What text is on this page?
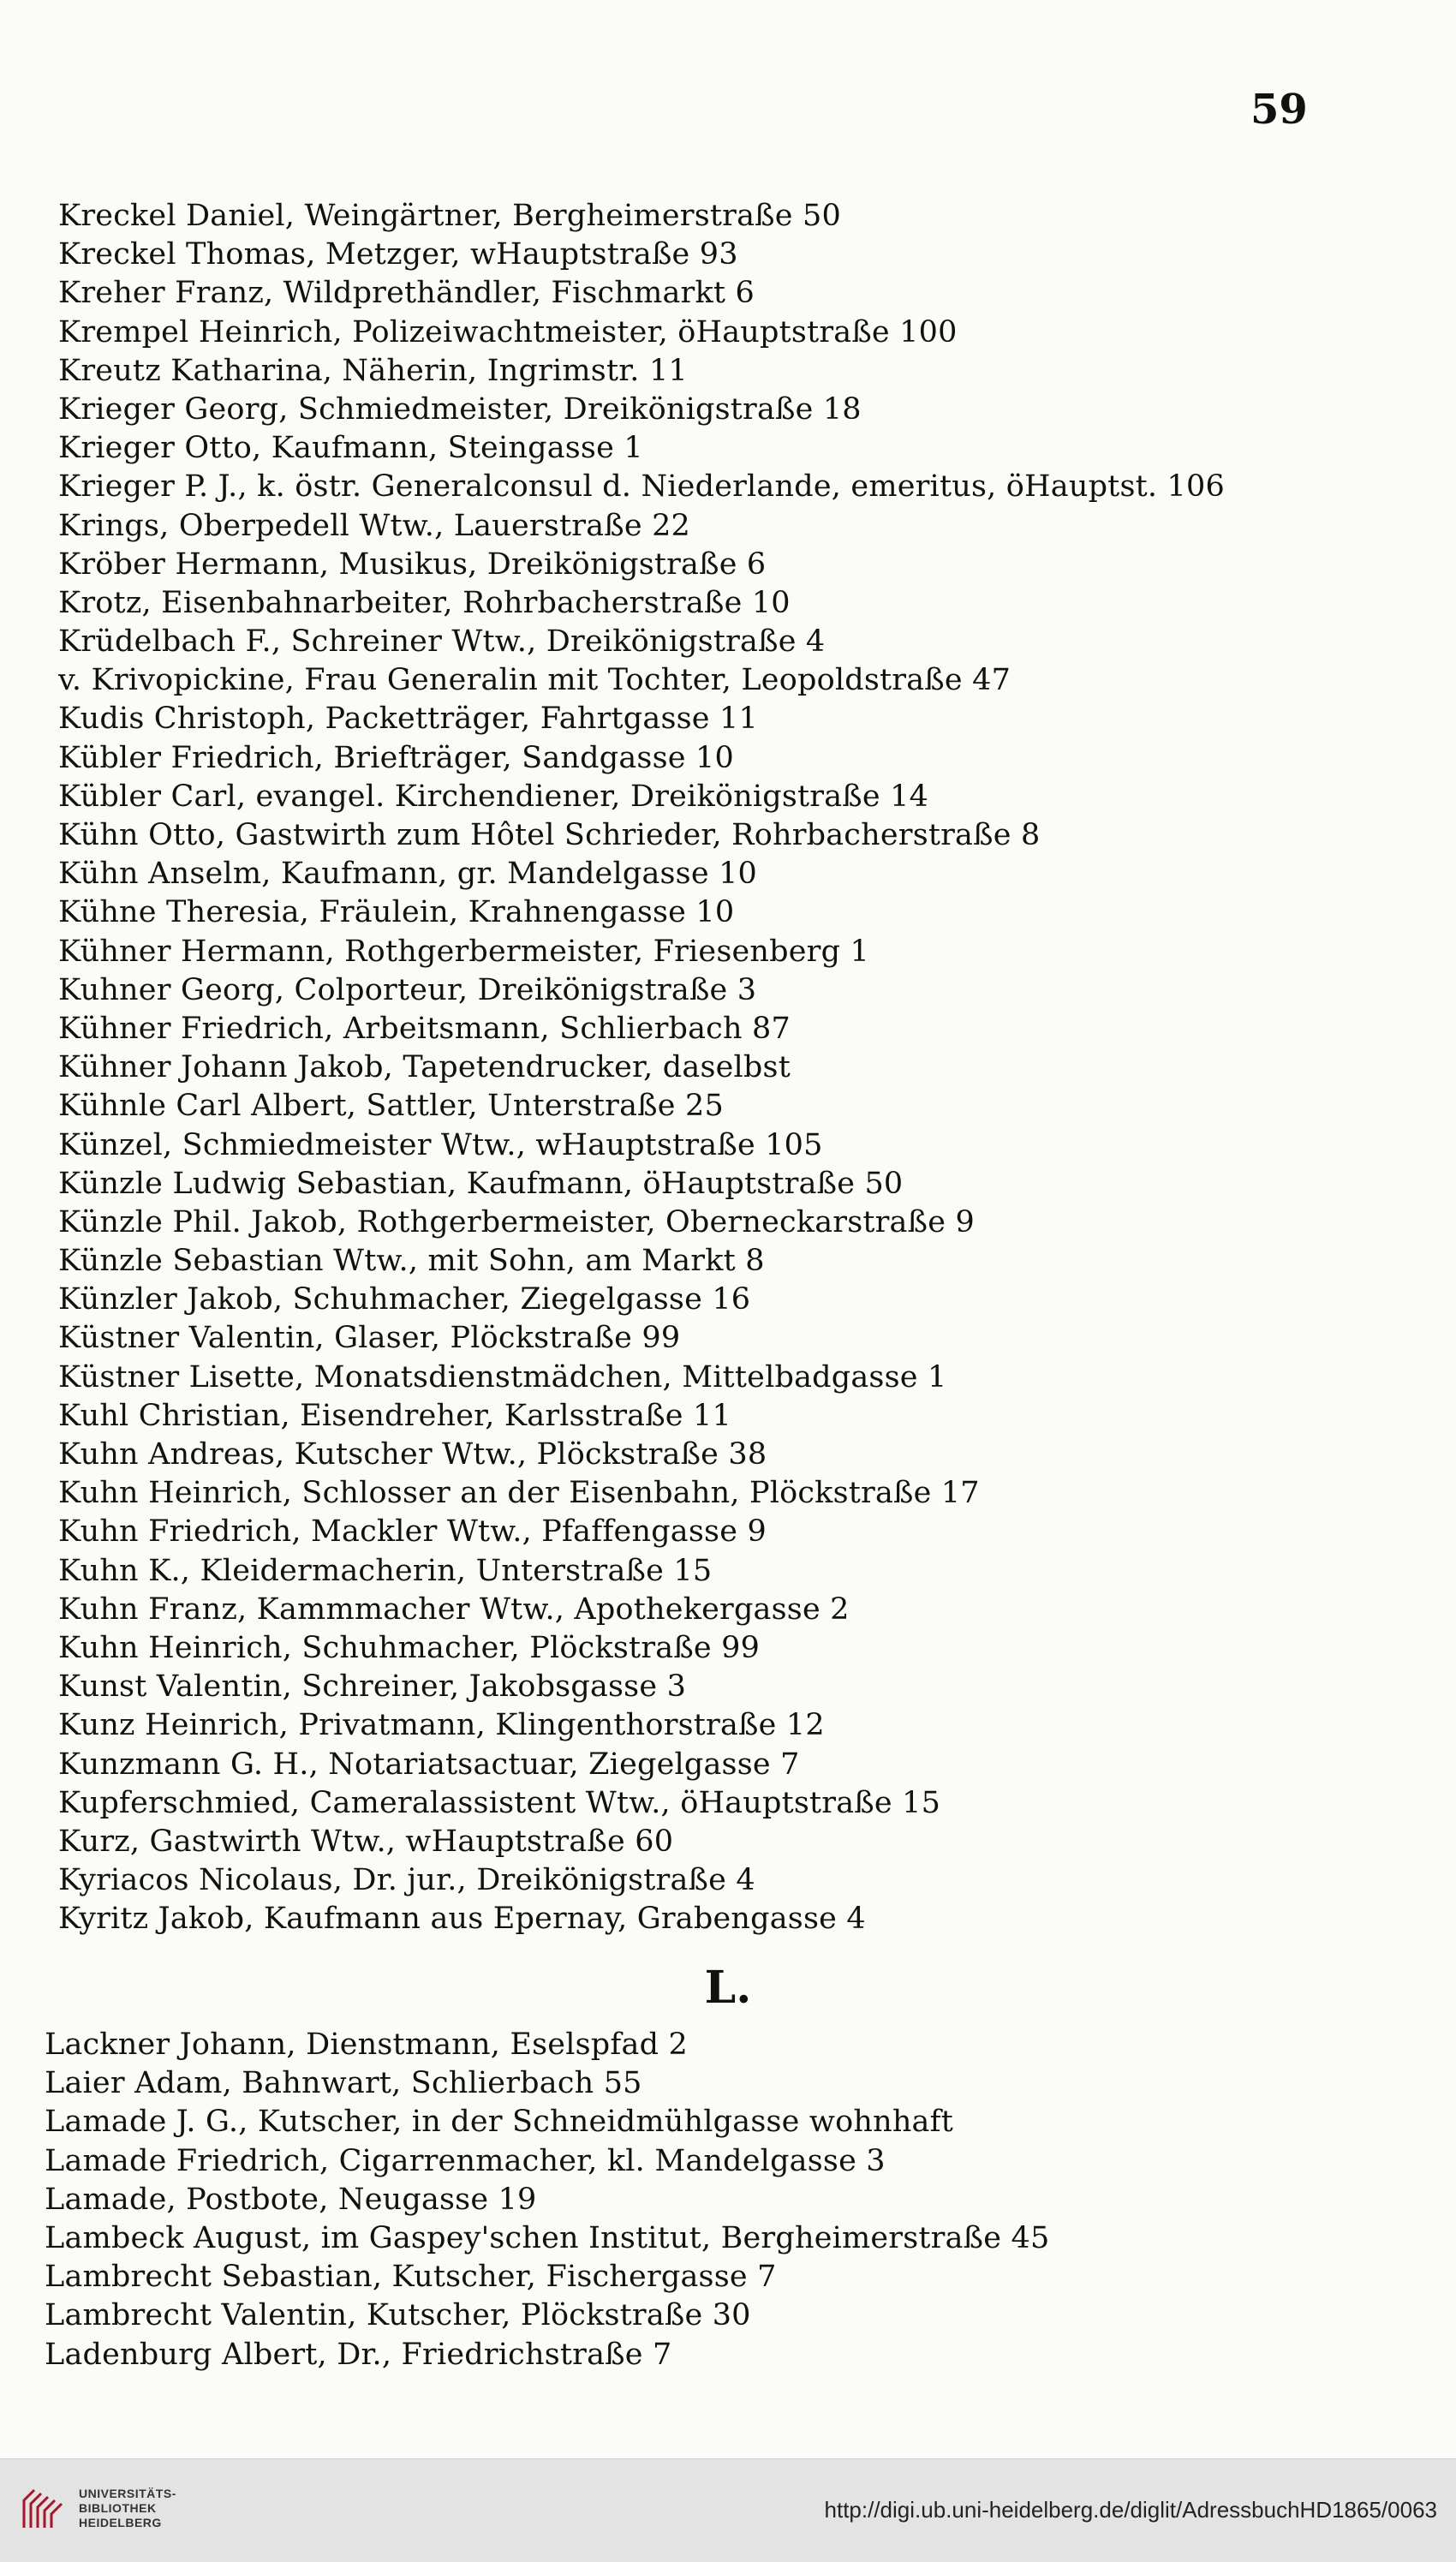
59
Kreckel Daniel, Weingärtner, Bergheimerstraße 50
Kreckel Thomas, Metzger, wHauptstraße 93
Kreher Franz, Wildprethändler, Fischmarkt 6
Krempel Heinrich, Polizeiwachtmeister, öHauptstraße 100
Kreutz Katharina, Näherin, Ingrimstr. 11
Krieger Georg, Schmiedmeister, Dreikönigstraße 18
Krieger Otto, Kaufmann, Steingasse 1
Krieger P. J., k. östr. Generalconsul d. Niederlande, emeritus, öHauptst. 106
Krings, Oberpedell Wtw., Lauerstraße 22
Kröber Hermann, Musikus, Dreikönigstraße 6
Krotz, Eisenbahnarbeiter, Rohrbacherstraße 10
Krüdelbach F., Schreiner Wtw., Dreikönigstraße 4
v. Krivopickine, Frau Generalin mit Tochter, Leopoldstraße 47
Kudis Christoph, Packetträger, Fahrtgasse 11
Kübler Friedrich, Briefträger, Sandgasse 10
Kübler Carl, evangel. Kirchendiener, Dreikönigstraße 14
Kühn Otto, Gastwirth zum Hôtel Schrieder, Rohrbacherstraße 8
Kühn Anselm, Kaufmann, gr. Mandelgasse 10
Kühne Theresia, Fräulein, Krahnengasse 10
Kühner Hermann, Rothgerbermeister, Friesenberg 1
Kuhner Georg, Colporteur, Dreikönigstraße 3
Kühner Friedrich, Arbeitsmann, Schlierbach 87
Kühner Johann Jakob, Tapetendrucker, daselbst
Kühnle Carl Albert, Sattler, Unterstraße 25
Künzel, Schmiedmeister Wtw., wHauptstraße 105
Künzle Ludwig Sebastian, Kaufmann, öHauptstraße 50
Künzle Phil. Jakob, Rothgerbermeister, Oberneckarstraße 9
Künzle Sebastian Wtw., mit Sohn, am Markt 8
Künzler Jakob, Schuhmacher, Ziegelgasse 16
Küstner Valentin, Glaser, Plöckstraße 99
Küstner Lisette, Monatsdienstmädchen, Mittelbadgasse 1
Kuhl Christian, Eisendreher, Karlsstraße 11
Kuhn Andreas, Kutscher Wtw., Plöckstraße 38
Kuhn Heinrich, Schlosser an der Eisenbahn, Plöckstraße 17
Kuhn Friedrich, Mackler Wtw., Pfaffengasse 9
Kuhn K., Kleidermacherin, Unterstraße 15
Kuhn Franz, Kammmacher Wtw., Apothekergasse 2
Kuhn Heinrich, Schuhmacher, Plöckstraße 99
Kunst Valentin, Schreiner, Jakobsgasse 3
Kunz Heinrich, Privatmann, Klingenthorstraße 12
Kunzmann G. H., Notariatsactuar, Ziegelgasse 7
Kupferschmied, Cameralassistent Wtw., öHauptstraße 15
Kurz, Gastwirth Wtw., wHauptstraße 60
Kyriacos Nicolaus, Dr. jur., Dreikönigstraße 4
Kyritz Jakob, Kaufmann aus Epernay, Grabengasse 4
L.
Lackner Johann, Dienstmann, Eselspfad 2
Laier Adam, Bahnwart, Schlierbach 55
Lamade J. G., Kutscher, in der Schneidmühlgasse wohnhaft
Lamade Friedrich, Cigarrenmacher, kl. Mandelgasse 3
Lamade, Postbote, Neugasse 19
Lambeck August, im Gaspey'schen Institut, Bergheimerstraße 45
Lambrecht Sebastian, Kutscher, Fischergasse 7
Lambrecht Valentin, Kutscher, Plöckstraße 30
Ladenburg Albert, Dr., Friedrichstraße 7
UNIVERSITÄTS-
BIBLIOTHEK
HEIDELBERG	http://digi.ub.uni-heidelberg.de/diglit/AdressbuchHD1865/0063
